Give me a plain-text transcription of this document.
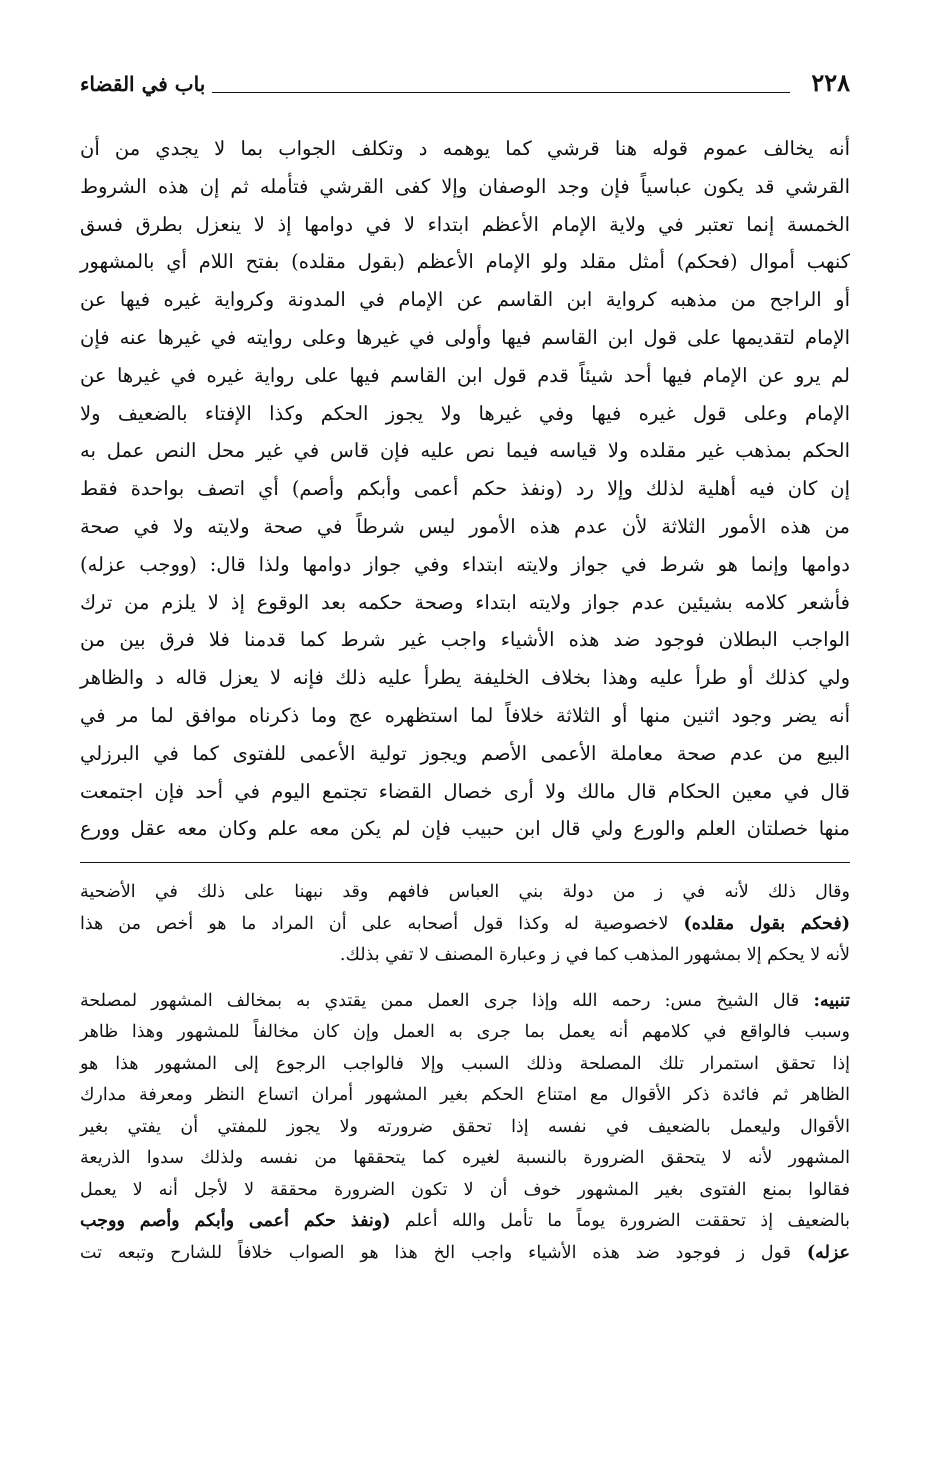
٢٢٨
باب في القضاء

أنه يخالف عموم قوله هنا قرشي كما يوهمه د وتكلف الجواب بما لا يجدي من أن

القرشي قد يكون عباسياً فإن وجد الوصفان وإلا كفى القرشي فتأمله ثم إن هذه الشروط

الخمسة إنما تعتبر في ولاية الإمام الأعظم ابتداء لا في دوامها إذ لا ينعزل بطرق فسق

كنهب أموال (فحكم) أمثل مقلد ولو الإمام الأعظم (بقول مقلده) بفتح اللام أي بالمشهور

أو الراجح من مذهبه كرواية ابن القاسم عن الإمام في المدونة وكرواية غيره فيها عن

الإمام لتقديمها على قول ابن القاسم فيها وأولى في غيرها وعلى روايته في غيرها عنه فإن

لم يرو عن الإمام فيها أحد شيئاً قدم قول ابن القاسم فيها على رواية غيره في غيرها عن

الإمام وعلى قول غيره فيها وفي غيرها ولا يجوز الحكم وكذا الإفتاء بالضعيف ولا

الحكم بمذهب غير مقلده ولا قياسه فيما نص عليه فإن قاس في غير محل النص عمل به

إن كان فيه أهلية لذلك وإلا رد (ونفذ حكم أعمى وأبكم وأصم) أي اتصف بواحدة فقط

من هذه الأمور الثلاثة لأن عدم هذه الأمور ليس شرطاً في صحة ولايته ولا في صحة

دوامها وإنما هو شرط في جواز ولايته ابتداء وفي جواز دوامها ولذا قال: (ووجب عزله)

فأشعر كلامه بشيئين عدم جواز ولايته ابتداء وصحة حكمه بعد الوقوع إذ لا يلزم من ترك

الواجب البطلان فوجود ضد هذه الأشياء واجب غير شرط كما قدمنا فلا فرق بين من

ولي كذلك أو طرأ عليه وهذا بخلاف الخليفة يطرأ عليه ذلك فإنه لا يعزل قاله د والظاهر

أنه يضر وجود اثنين منها أو الثلاثة خلافاً لما استظهره عج وما ذكرناه موافق لما مر في

البيع من عدم صحة معاملة الأعمى الأصم ويجوز تولية الأعمى للفتوى كما في البرزلي

قال في معين الحكام قال مالك ولا أرى خصال القضاء تجتمع اليوم في أحد فإن اجتمعت

منها خصلتان العلم والورع ولي قال ابن حبيب فإن لم يكن معه علم وكان معه عقل وورع

وقال ذلك لأنه في ز من دولة بني العباس فافهم وقد نبهنا على ذلك في الأضحية

(فحكم بقول مقلده) لاخصوصية له وكذا قول أصحابه على أن المراد ما هو أخص من هذا

لأنه لا يحكم إلا بمشهور المذهب كما في ز وعبارة المصنف لا تفي بذلك.

تنبيه: قال الشيخ مس: رحمه الله وإذا جرى العمل ممن يقتدي به بمخالف المشهور لمصلحة

وسبب فالواقع في كلامهم أنه يعمل بما جرى به العمل وإن كان مخالفاً للمشهور وهذا ظاهر

إذا تحقق استمرار تلك المصلحة وذلك السبب وإلا فالواجب الرجوع إلى المشهور هذا هو

الظاهر ثم فائدة ذكر الأقوال مع امتناع الحكم بغير المشهور أمران اتساع النظر ومعرفة مدارك

الأقوال وليعمل بالضعيف في نفسه إذا تحقق ضرورته ولا يجوز للمفتي أن يفتي بغير

المشهور لأنه لا يتحقق الضرورة بالنسبة لغيره كما يتحققها من نفسه ولذلك سدوا الذريعة

فقالوا بمنع الفتوى بغير المشهور خوف أن لا تكون الضرورة محققة لا لأجل أنه لا يعمل

بالضعيف إذ تحققت الضرورة يوماً ما تأمل والله أعلم (ونفذ حكم أعمى وأبكم وأصم ووجب

عزله) قول ز فوجود ضد هذه الأشياء واجب الخ هذا هو الصواب خلافاً للشارح وتبعه تت
